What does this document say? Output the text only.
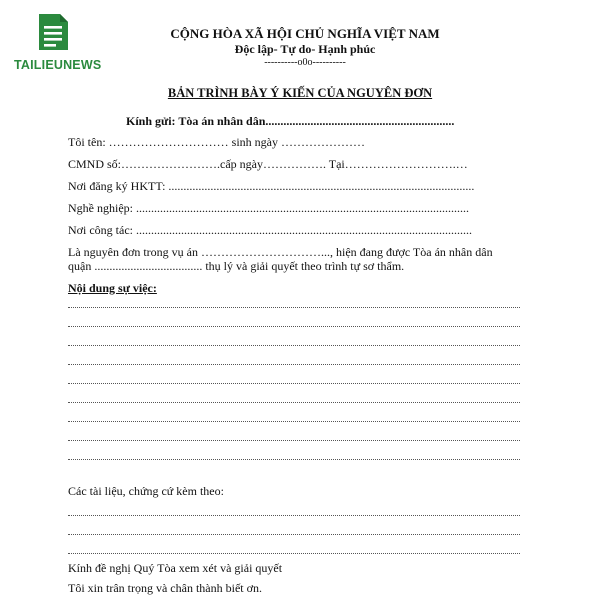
TAILIEUNEWS
CỘNG HÒA XÃ HỘI CHỦ NGHĨA VIỆT NAM
Độc lập- Tự do- Hạnh phúc
----------o0o----------
BẢN TRÌNH BÀY Ý KIẾN CỦA NGUYÊN ĐƠN
Kính gửi: Tòa án nhân dân...............................................................
Tôi tên: ………………………… sinh ngày …………………
CMND số:…………………….cấp ngày……………. Tại……………………….…
Nơi đăng ký HKTT: ......................................................................................................
Nghề nghiệp: ...............................................................................................................
Nơi công tác: ................................................................................................................
Là nguyên đơn trong vụ án …………………………..., hiện đang được Tòa án nhân dân
quận .................................... thụ lý và giải quyết theo trình tự sơ thẩm.
Nội dung sự việc:
Các tài liệu, chứng cứ kèm theo:
Kính đề nghị Quý Tòa xem xét và giải quyết
Tôi xin trân trọng và chân thành biết ơn.
